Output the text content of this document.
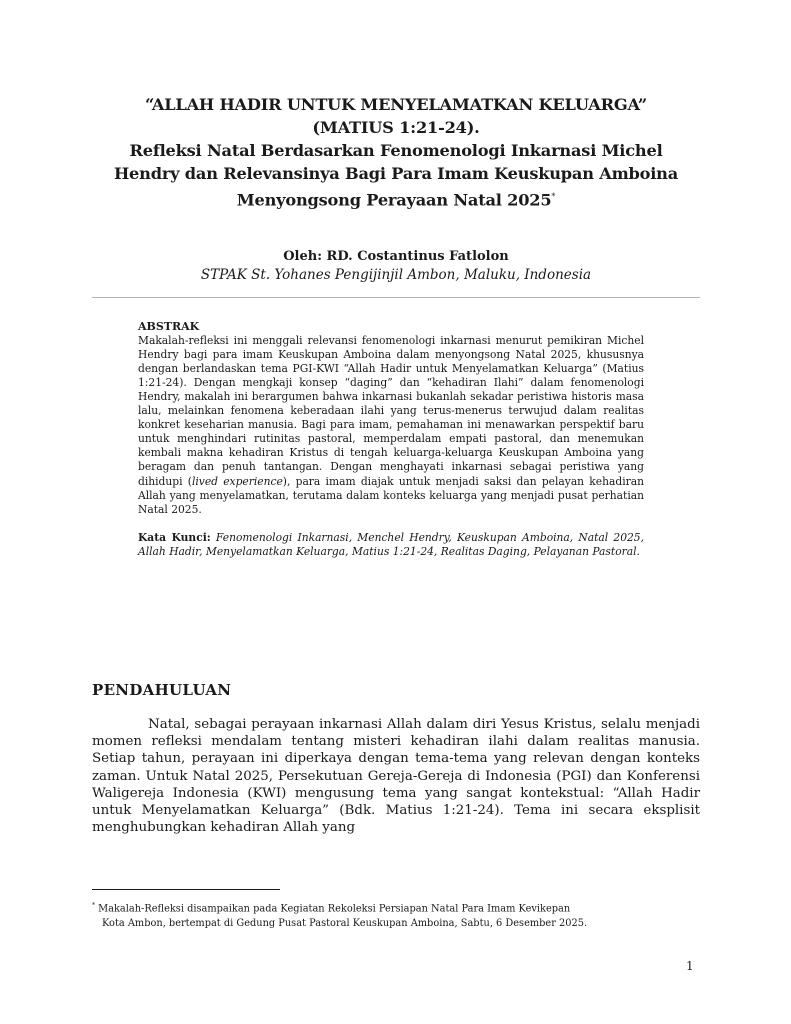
“ALLAH HADIR UNTUK MENYELAMATKAN KELUARGA”
(MATIUS 1:21-24).
Refleksi Natal Berdasarkan Fenomenologi Inkarnasi Michel
Hendry dan Relevansinya Bagi Para Imam Keuskupan Amboina
Menyongsong Perayaan Natal 2025*
Oleh: RD. Costantinus Fatlolon
STPAK St. Yohanes Pengijinjil Ambon, Maluku, Indonesia
ABSTRAK

Makalah-refleksi ini menggali relevansi fenomenologi inkarnasi menurut pemikiran Michel Hendry bagi para imam Keuskupan Amboina dalam menyongsong Natal 2025, khususnya dengan berlandaskan tema PGI-KWI “Allah Hadir untuk Menyelamatkan Keluarga” (Matius 1:21-24). Dengan mengkaji konsep “daging” dan “kehadiran Ilahi” dalam fenomenologi Hendry, makalah ini berargumen bahwa inkarnasi bukanlah sekadar peristiwa historis masa lalu, melainkan fenomena keberadaan ilahi yang terus-menerus terwujud dalam realitas konkret keseharian manusia. Bagi para imam, pemahaman ini menawarkan perspektif baru untuk menghindari rutinitas pastoral, memperdalam empati pastoral, dan menemukan kembali makna kehadiran Kristus di tengah keluarga-keluarga Keuskupan Amboina yang beragam dan penuh tantangan. Dengan menghayati inkarnasi sebagai peristiwa yang dihidupi (lived experience), para imam diajak untuk menjadi saksi dan pelayan kehadiran Allah yang menyelamatkan, terutama dalam konteks keluarga yang menjadi pusat perhatian Natal 2025.

Kata Kunci: Fenomenologi Inkarnasi, Menchel Hendry, Keuskupan Amboina, Natal 2025, Allah Hadir, Menyelamatkan Keluarga, Matius 1:21-24, Realitas Daging, Pelayanan Pastoral.

PENDAHULUAN

Natal, sebagai perayaan inkarnasi Allah dalam diri Yesus Kristus, selalu menjadi momen refleksi mendalam tentang misteri kehadiran ilahi dalam realitas manusia. Setiap tahun, perayaan ini diperkaya dengan tema-tema yang relevan dengan konteks zaman. Untuk Natal 2025, Persekutuan Gereja-Gereja di Indonesia (PGI) dan Konferensi Waligereja Indonesia (KWI) mengusung tema yang sangat kontekstual: “Allah Hadir untuk Menyelamatkan Keluarga” (Bdk. Matius 1:21-24). Tema ini secara eksplisit menghubungkan kehadiran Allah yang

* Makalah-Refleksi disampaikan pada Kegiatan Rekoleksi Persiapan Natal Para Imam Kevikepan
Kota Ambon, bertempat di Gedung Pusat Pastoral Keuskupan Amboina, Sabtu, 6 Desember 2025.
1
